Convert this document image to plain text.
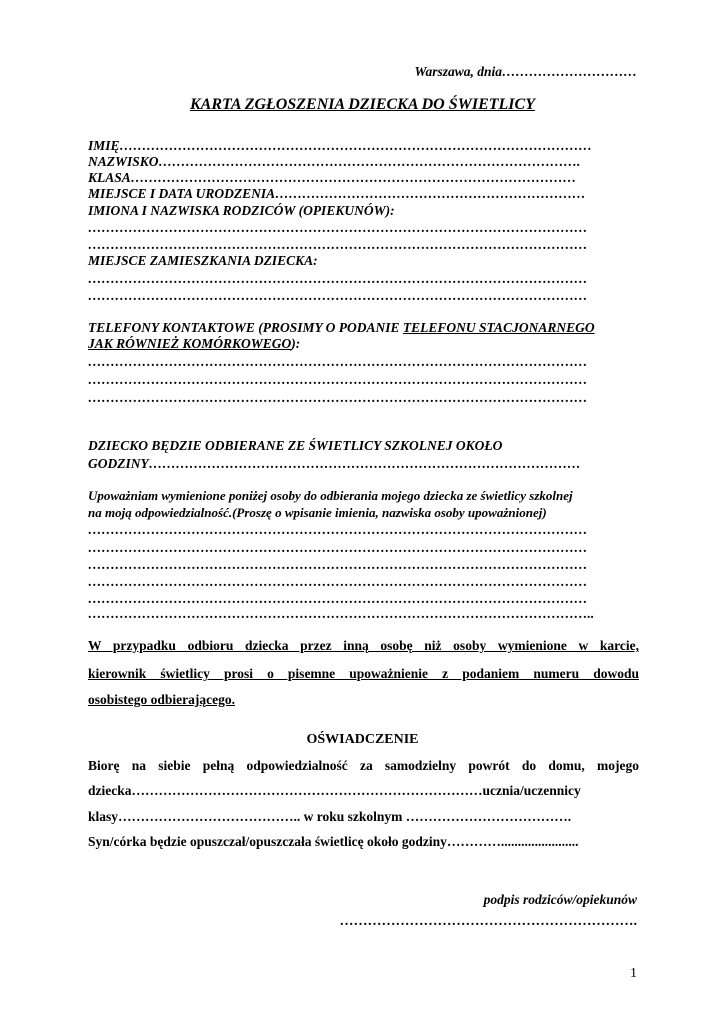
Warszawa, dnia…………………………
KARTA ZGŁOSZENIA DZIECKA DO ŚWIETLICY
IMIĘ……………………………………………………………………………………………
NAZWISKO………………………………………………………………………………….
KLASA………………………………………………………………………………………
MIEJSCE I DATA URODZENIA……………………………………………………………
IMIONA I NAZWISKA RODZICÓW (OPIEKUNÓW):
…………………………………………………………………………………………………
…………………………………………………………………………………………………
MIEJSCE ZAMIESZKANIA DZIECKA:
…………………………………………………………………………………………………
…………………………………………………………………………………………………
TELEFONY KONTAKTOWE (PROSIMY O PODANIE TELEFONU STACJONARNEGO
JAK RÓWNIEŻ KOMÓRKOWEGO):
…………………………………………………………………………………………………
…………………………………………………………………………………………………
…………………………………………………………………………………………………
DZIECKO BĘDZIE ODBIERANE ZE ŚWIETLICY SZKOLNEJ OKOŁO
GODZINY……………………………………………………………………………………
Upoważniam wymienione poniżej osoby do odbierania mojego dziecka ze świetlicy szkolnej
na moją odpowiedzialność.(Proszę o wpisanie imienia, nazwiska osoby upoważnionej)
…………………………………………………………………………………………………
…………………………………………………………………………………………………
…………………………………………………………………………………………………
…………………………………………………………………………………………………
…………………………………………………………………………………………………
…………………………………………………………………………………………………..
W przypadku odbioru dziecka przez inną osobę niż osoby wymienione w karcie,
kierownik świetlicy prosi o pisemne upoważnienie z podaniem numeru dowodu
osobistego odbierającego.
OŚWIADCZENIE
Biorę na siebie pełną odpowiedzialność za samodzielny powrót do domu, mojego
dziecka……………………………………………………………………ucznia/uczennicy
klasy………………………………….. w roku szkolnym ……………………………….
Syn/córka będzie opuszczał/opuszczała świetlicę około godziny………….......................
podpis rodziców/opiekunów
……………………………………………………….
1
